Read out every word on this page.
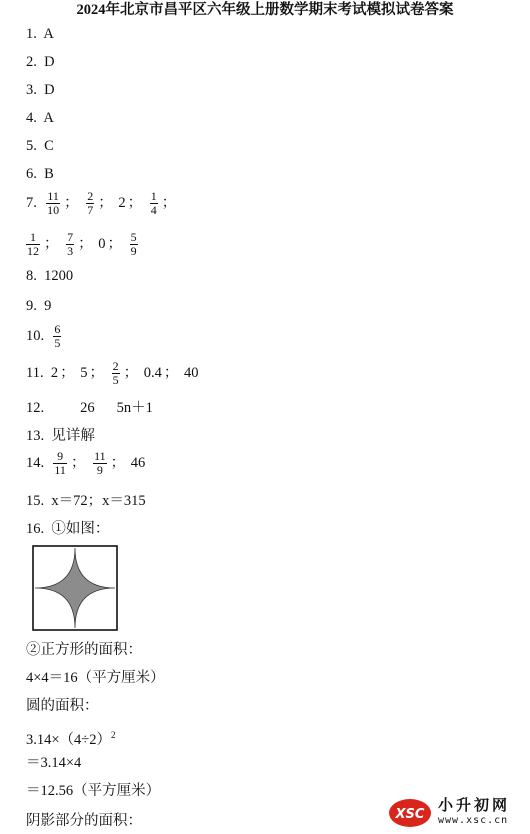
2024年北京市昌平区六年级上册数学期末考试模拟试卷答案
1. A
2. D
3. D
4. A
5. C
6. B
7. $\frac{11}{10}$ ； $\frac{2}{7}$ ； 2 ； $\frac{1}{4}$ ；
$\frac{1}{12}$ ； $\frac{7}{3}$ ； 0 ； $\frac{5}{9}$
8. 1200
9. 9
10. $\frac{6}{5}$
11. 2 ； 5 ； $\frac{2}{5}$ ； 0.4 ； 40
12. 26 5n＋1
13. 见详解
14. $\frac{9}{11}$ ； $\frac{11}{9}$ ； 46
15. x＝72；x＝315
16. ①如图：
②正方形的面积：
4×4＝16（平方厘米）
圆的面积：
$3.14\times(4\div 2)^2$
＝3.14×4
＝12.56（平方厘米）
阴影部分的面积：	XSC
小升初网
www.xsc.cn
